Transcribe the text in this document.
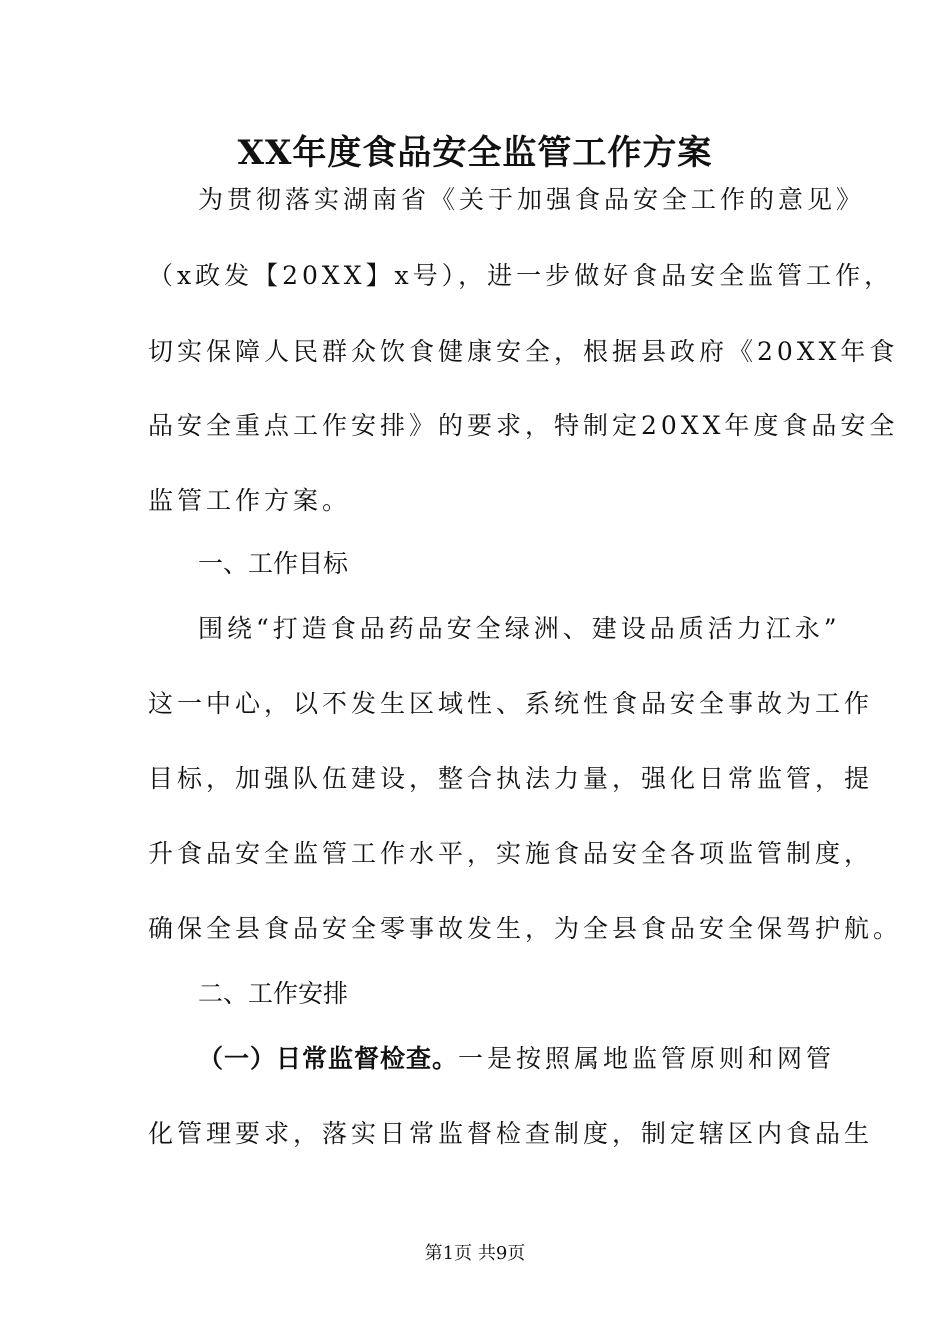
XX年度食品安全监管工作方案
为贯彻落实湖南省《关于加强食品安全工作的意见》
（x政发【20XX】x号），进一步做好食品安全监管工作，
切实保障人民群众饮食健康安全，根据县政府《20XX年食
品安全重点工作安排》的要求，特制定20XX年度食品安全
监管工作方案。
一、工作目标
围绕“打造食品药品安全绿洲、建设品质活力江永”
这一中心，以不发生区域性、系统性食品安全事故为工作
目标，加强队伍建设，整合执法力量，强化日常监管，提
升食品安全监管工作水平，实施食品安全各项监管制度，
确保全县食品安全零事故发生，为全县食品安全保驾护航。
二、工作安排
（一）日常监督检查。一是按照属地监管原则和网管
化管理要求，落实日常监督检查制度，制定辖区内食品生
第1页 共9页
